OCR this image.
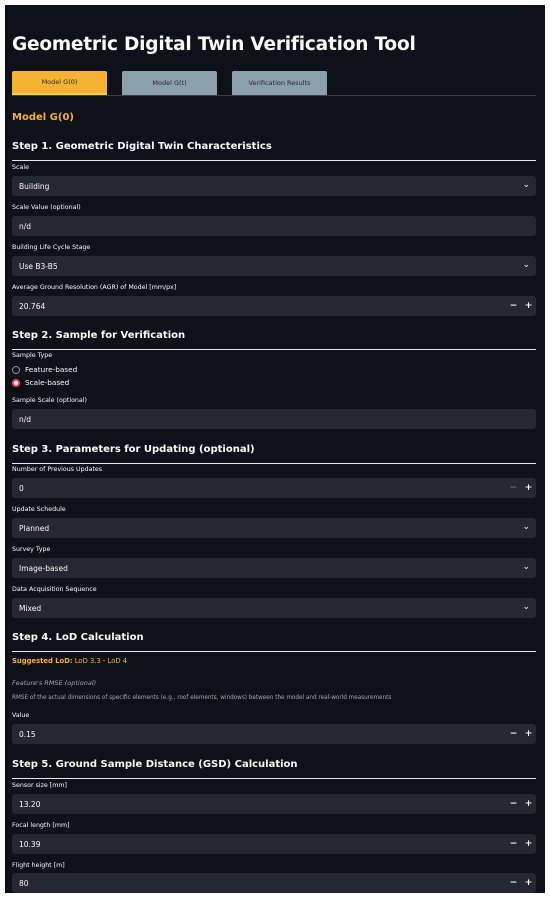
Geometric Digital Twin Verification Tool
Model G(0)	Model G(t)	Verification Results
Model G(0)
Step 1. Geometric Digital Twin Characteristics
Scale
Building	⌄
Scale Value (optional)
n/d
Building Life Cycle Stage
Use B3-B5	⌄
Average Ground Resolution (AGR) of Model [mm/px]
20.764	− +
Step 2. Sample for Verification
Sample Type
Feature-based
Scale-based
Sample Scale (optional)
n/d
Step 3. Parameters for Updating (optional)
Number of Previous Updates
0	− +
Update Schedule
Planned	⌄
Survey Type
Image-based	⌄
Data Acquisition Sequence
Mixed	⌄
Step 4. LoD Calculation
Suggested LoD: LoD 3.3 - LoD 4
Feature's RMSE (optional)
RMSE of the actual dimensions of specific elements (e.g., roof elements, windows) between the model and real-world measurements
Value
0.15	− +
Step 5. Ground Sample Distance (GSD) Calculation
Sensor size [mm]
13.20	− +
Focal length [mm]
10.39	− +
Flight height [m]
80	− +
